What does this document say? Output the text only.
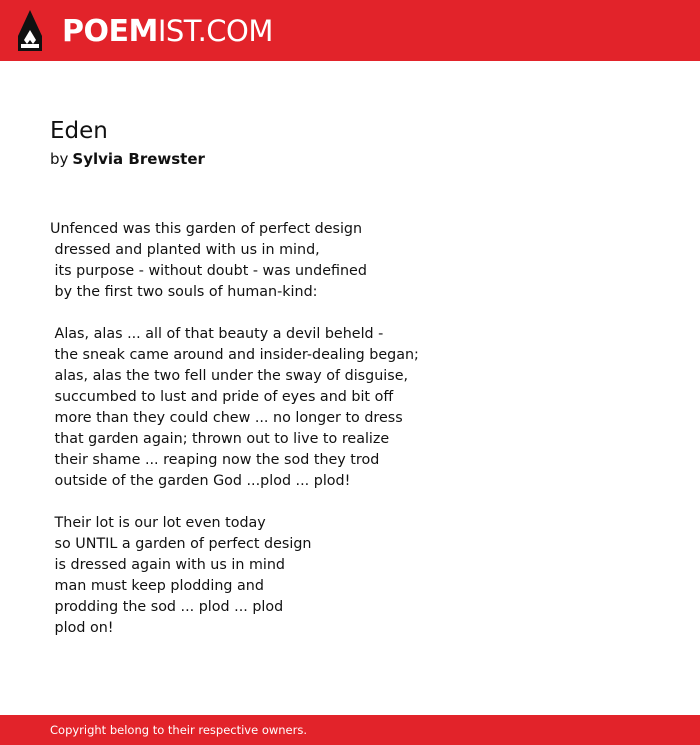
POEMIST.COM
Eden
by Sylvia Brewster
Unfenced was this garden of perfect design
dressed and planted with us in mind,
its purpose - without doubt - was undefined
by the first two souls of human-kind:
Alas, alas ... all of that beauty a devil beheld -
the sneak came around and insider-dealing began;
alas, alas the two fell under the sway of disguise,
succumbed to lust and pride of eyes and bit off
more than they could chew ... no longer to dress
that garden again; thrown out to live to realize
their shame ... reaping now the sod they trod
outside of the garden God ...plod ... plod!
Their lot is our lot even today
so UNTIL a garden of perfect design
is dressed again with us in mind
man must keep plodding and
prodding the sod ... plod ... plod
plod on!
Copyright belong to their respective owners.
